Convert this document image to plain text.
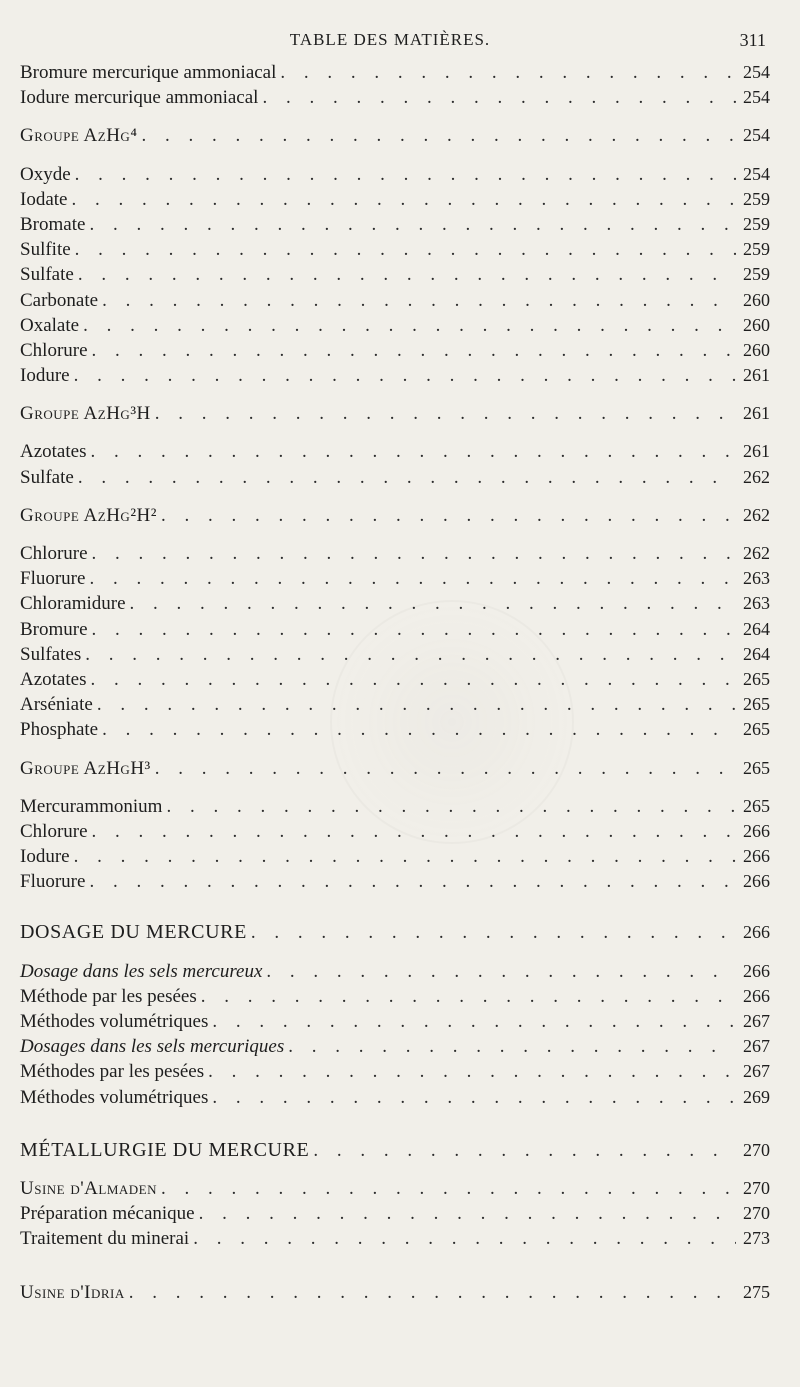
TABLE DES MATIÈRES.	311
Bromure mercurique ammoniacal . . .	254
Iodure mercurique ammoniacal . . .	254
Groupe AzHg⁴ . . .	254
Oxyde . . .	254
Iodate . . .	259
Bromate . . .	259
Sulfite . . .	259
Sulfate . . .	259
Carbonate . . .	260
Oxalate . . .	260
Chlorure . . .	260
Iodure . . .	261
Groupe AzHg³H . . .	261
Azotates . . .	261
Sulfate . . .	262
Groupe AzHg²H² . . .	262
Chlorure . . .	262
Fluorure . . .	263
Chloramidure . . .	263
Bromure . . .	264
Sulfates . . .	264
Azotates . . .	265
Arséniate . . .	265
Phosphate . . .	265
Groupe AzHgH³ . . .	265
Mercurammonium . . .	265
Chlorure . . .	266
Iodure . . .	266
Fluorure . . .	266
DOSAGE DU MERCURE . . .	266
Dosage dans les sels mercureux . . .	266
Méthode par les pesées . . .	266
Méthodes volumétriques . . .	267
Dosages dans les sels mercuriques . . .	267
Méthodes par les pesées . . .	267
Méthodes volumétriques . . .	269
MÉTALLURGIE DU MERCURE . . .	270
Usine d'Almaden . . .	270
Préparation mécanique . . .	270
Traitement du minerai . . .	273
Usine d'Idria . . .	275
